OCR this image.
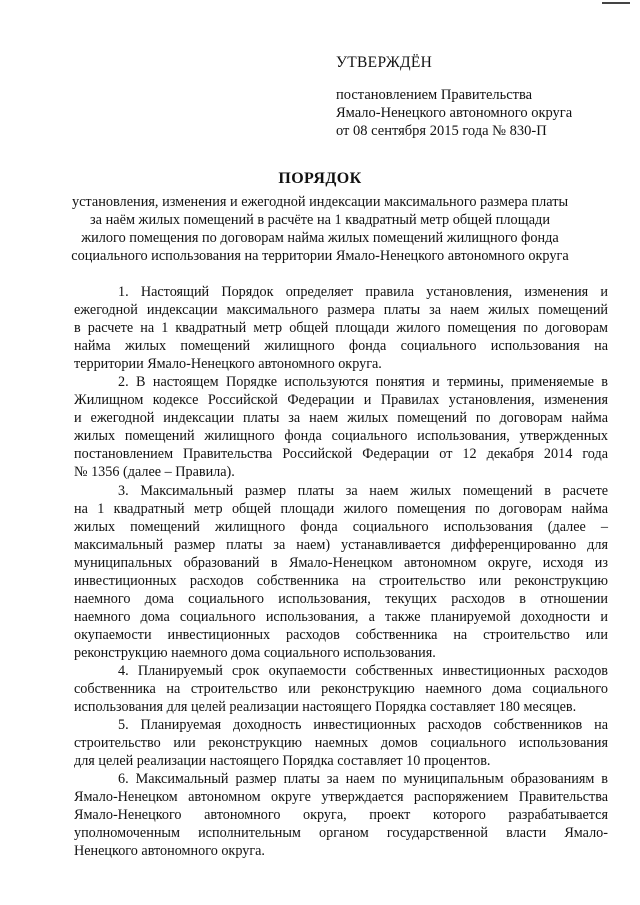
УТВЕРЖДЁН
постановлением Правительства
Ямало-Ненецкого автономного округа
от 08 сентября 2015 года № 830-П
ПОРЯДОК
установления, изменения и ежегодной индексации максимального размера платы
за наём жилых помещений в расчёте на 1 квадратный метр общей площади
жилого помещения по договорам найма жилых помещений жилищного фонда
социального использования на территории Ямало-Ненецкого автономного округа
1. Настоящий Порядок определяет правила установления, изменения и
ежегодной индексации максимального размера платы за наем жилых помещений
в расчете на 1 квадратный метр общей площади жилого помещения по договорам
найма жилых помещений жилищного фонда социального использования на
территории Ямало-Ненецкого автономного округа.
2. В настоящем Порядке используются понятия и термины, применяемые в
Жилищном кодексе Российской Федерации и Правилах установления, изменения
и ежегодной индексации платы за наем жилых помещений по договорам найма
жилых помещений жилищного фонда социального использования, утвержденных
постановлением Правительства Российской Федерации от 12 декабря 2014 года
№ 1356 (далее – Правила).
3. Максимальный размер платы за наем жилых помещений в расчете
на 1 квадратный метр общей площади жилого помещения по договорам найма
жилых помещений жилищного фонда социального использования (далее –
максимальный размер платы за наем) устанавливается дифференцированно для
муниципальных образований в Ямало-Ненецком автономном округе, исходя из
инвестиционных расходов собственника на строительство или реконструкцию
наемного дома социального использования, текущих расходов в отношении
наемного дома социального использования, а также планируемой доходности и
окупаемости инвестиционных расходов собственника на строительство или
реконструкцию наемного дома социального использования.
4. Планируемый срок окупаемости собственных инвестиционных расходов
собственника на строительство или реконструкцию наемного дома социального
использования для целей реализации настоящего Порядка составляет 180 месяцев.
5. Планируемая доходность инвестиционных расходов собственников на
строительство или реконструкцию наемных домов социального использования
для целей реализации настоящего Порядка составляет 10 процентов.
6. Максимальный размер платы за наем по муниципальным образованиям в
Ямало-Ненецком автономном округе утверждается распоряжением Правительства
Ямало-Ненецкого автономного округа, проект которого разрабатывается
уполномоченным исполнительным органом государственной власти Ямало-
Ненецкого автономного округа.
